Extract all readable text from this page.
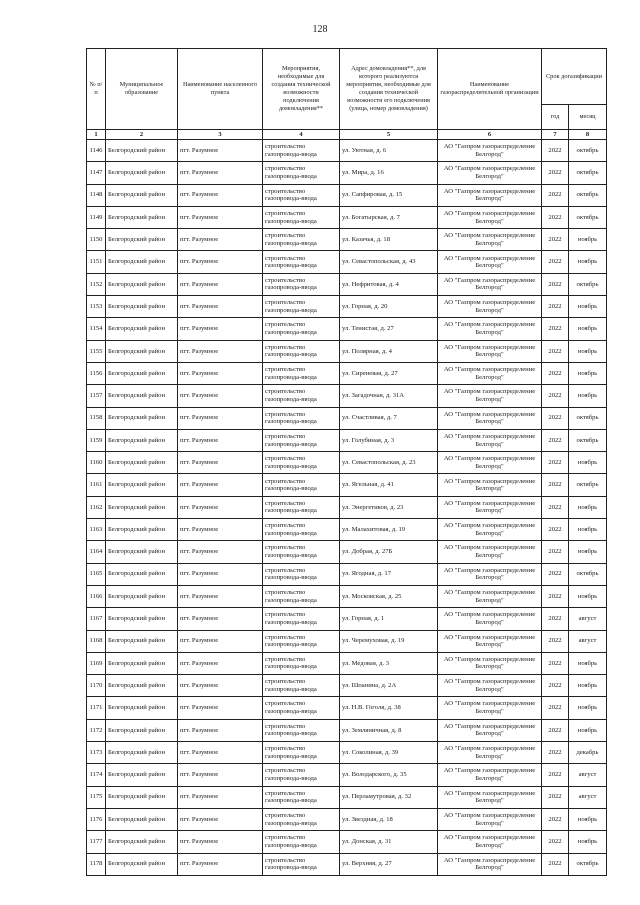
128
№ п/п	Муниципальное образование	Наименование населенного пункта	Мероприятия, необходимые для создания технической возможности подключения домовладения**	Адрес домовладения**, для которого реализуются мероприятия, необходимые для создания технической возможности его подключения (улица, номер домовладения)	Наименование газораспределительной организации	Срок догазификации	
						год	месяц
1	2	3	4	5	6	7	8
1146	Белгородский район	пгт. Разумное	строительство газопровода-ввода	ул. Уютная, д. 6	АО "Газпром газораспределение Белгород"	2022	октябрь
1147	Белгородский район	пгт. Разумное	строительство газопровода-ввода	ул. Мира, д. 16	АО "Газпром газораспределение Белгород"	2022	октябрь
1148	Белгородский район	пгт. Разумное	строительство газопровода-ввода	ул. Сапфировая, д. 15	АО "Газпром газораспределение Белгород"	2022	октябрь
1149	Белгородский район	пгт. Разумное	строительство газопровода-ввода	ул. Богатырская, д. 7	АО "Газпром газораспределение Белгород"	2022	октябрь
1150	Белгородский район	пгт. Разумное	строительство газопровода-ввода	ул. Казачья, д. 18	АО "Газпром газораспределение Белгород"	2022	ноябрь
1151	Белгородский район	пгт. Разумное	строительство газопровода-ввода	ул. Севастопольская, д. 43	АО "Газпром газораспределение Белгород"	2022	ноябрь
1152	Белгородский район	пгт. Разумное	строительство газопровода-ввода	ул. Нефритовая, д. 4	АО "Газпром газораспределение Белгород"	2022	октябрь
1153	Белгородский район	пгт. Разумное	строительство газопровода-ввода	ул. Горная, д. 20	АО "Газпром газораспределение Белгород"	2022	ноябрь
1154	Белгородский район	пгт. Разумное	строительство газопровода-ввода	ул. Тенистая, д. 27	АО "Газпром газораспределение Белгород"	2022	ноябрь
1155	Белгородский район	пгт. Разумное	строительство газопровода-ввода	ул. Полярная, д. 4	АО "Газпром газораспределение Белгород"	2022	ноябрь
1156	Белгородский район	пгт. Разумное	строительство газопровода-ввода	ул. Сиреневая, д. 27	АО "Газпром газораспределение Белгород"	2022	ноябрь
1157	Белгородский район	пгт. Разумное	строительство газопровода-ввода	ул. Загадочная, д. 31А	АО "Газпром газораспределение Белгород"	2022	ноябрь
1158	Белгородский район	пгт. Разумное	строительство газопровода-ввода	ул. Счастливая, д. 7	АО "Газпром газораспределение Белгород"	2022	октябрь
1159	Белгородский район	пгт. Разумное	строительство газопровода-ввода	ул. Голубиная, д. 3	АО "Газпром газораспределение Белгород"	2022	октябрь
1160	Белгородский район	пгт. Разумное	строительство газопровода-ввода	ул. Севастопольская, д. 23	АО "Газпром газораспределение Белгород"	2022	ноябрь
1161	Белгородский район	пгт. Разумное	строительство газопровода-ввода	ул. Ягельная, д. 41	АО "Газпром газораспределение Белгород"	2022	октябрь
1162	Белгородский район	пгт. Разумное	строительство газопровода-ввода	ул. Энергетиков, д. 23	АО "Газпром газораспределение Белгород"	2022	ноябрь
1163	Белгородский район	пгт. Разумное	строительство газопровода-ввода	ул. Малахитовая, д. 19	АО "Газпром газораспределение Белгород"	2022	ноябрь
1164	Белгородский район	пгт. Разумное	строительство газопровода-ввода	ул. Добрая, д. 27Б	АО "Газпром газораспределение Белгород"	2022	ноябрь
1165	Белгородский район	пгт. Разумное	строительство газопровода-ввода	ул. Ягодная, д. 17	АО "Газпром газораспределение Белгород"	2022	октябрь
1166	Белгородский район	пгт. Разумное	строительство газопровода-ввода	ул. Московская, д. 25	АО "Газпром газораспределение Белгород"	2022	ноябрь
1167	Белгородский район	пгт. Разумное	строительство газопровода-ввода	ул. Горная, д. 1	АО "Газпром газораспределение Белгород"	2022	август
1168	Белгородский район	пгт. Разумное	строительство газопровода-ввода	ул. Черемуховая, д. 19	АО "Газпром газораспределение Белгород"	2022	август
1169	Белгородский район	пгт. Разумное	строительство газопровода-ввода	ул. Медовая, д. 3	АО "Газпром газораспределение Белгород"	2022	ноябрь
1170	Белгородский район	пгт. Разумное	строительство газопровода-ввода	ул. Шпанина, д. 2А	АО "Газпром газораспределение Белгород"	2022	ноябрь
1171	Белгородский район	пгт. Разумное	строительство газопровода-ввода	ул. Н.В. Гоголя, д. 38	АО "Газпром газораспределение Белгород"	2022	ноябрь
1172	Белгородский район	пгт. Разумное	строительство газопровода-ввода	ул. Земляничная, д. 8	АО "Газпром газораспределение Белгород"	2022	ноябрь
1173	Белгородский район	пгт. Разумное	строительство газопровода-ввода	ул. Соколиная, д. 39	АО "Газпром газораспределение Белгород"	2022	декабрь
1174	Белгородский район	пгт. Разумное	строительство газопровода-ввода	ул. Володарского, д. 35	АО "Газпром газораспределение Белгород"	2022	август
1175	Белгородский район	пгт. Разумное	строительство газопровода-ввода	ул. Перламутровая, д. 32	АО "Газпром газораспределение Белгород"	2022	август
1176	Белгородский район	пгт. Разумное	строительство газопровода-ввода	ул. Звездная, д. 18	АО "Газпром газораспределение Белгород"	2022	ноябрь
1177	Белгородский район	пгт. Разумное	строительство газопровода-ввода	ул. Донская, д. 31	АО "Газпром газораспределение Белгород"	2022	ноябрь
1178	Белгородский район	пгт. Разумное	строительство газопровода-ввода	ул. Верхняя, д. 27	АО "Газпром газораспределение Белгород"	2022	октябрь
